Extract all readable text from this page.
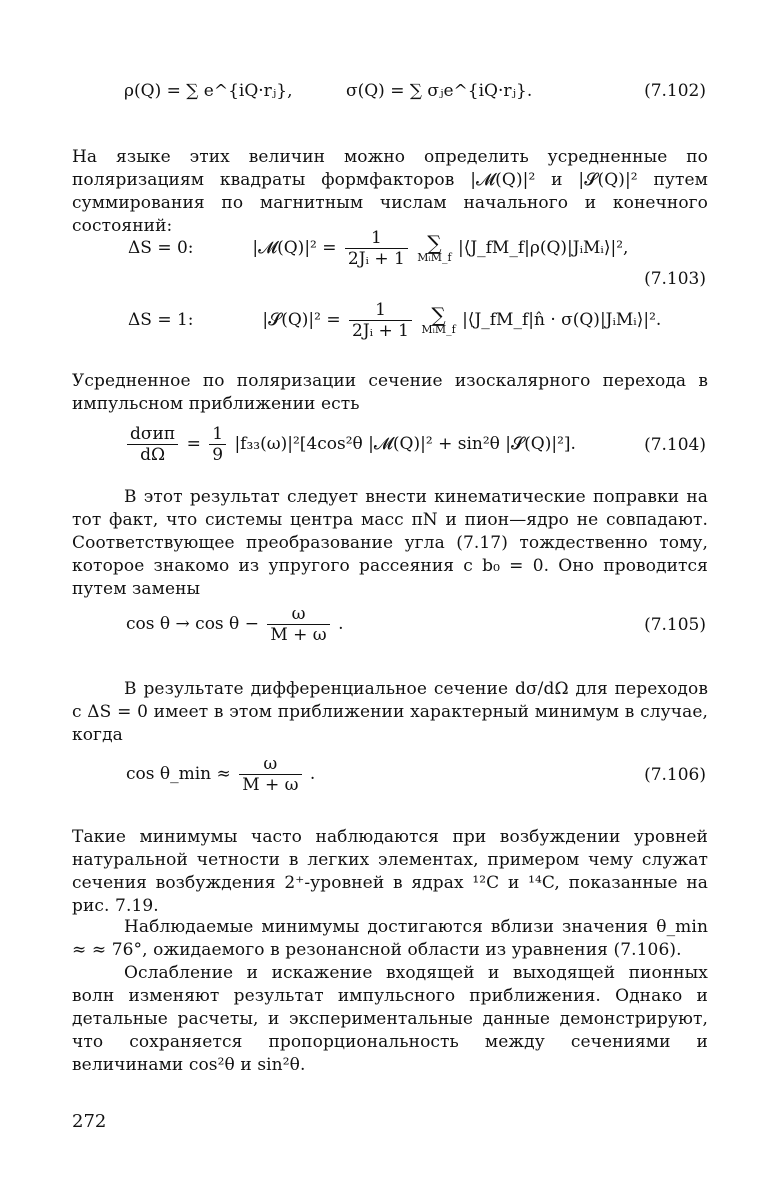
ρ(Q) = ∑ e^{iQ·rⱼ},	σ(Q) = ∑ σⱼe^{iQ·rⱼ}.	(7.102)
На языке этих величин можно определить усредненные по поляризациям квадраты формфакторов |𝓜(Q)|² и |𝓢(Q)|² путем суммирования по магнитным числам начального и конечного состояний:
ΔS = 0:	|𝓜(Q)|² = $\frac{1}{\text{2Jᵢ + 1}}$
∑
MᵢM_f |⟨J_fM_f|ρ(Q)|JᵢMᵢ⟩|²,
(7.103)
ΔS = 1:	|𝓢(Q)|² = $\frac{1}{\text{2Jᵢ + 1}}$
∑
MᵢM_f |⟨J_fM_f|n̂ · σ(Q)|JᵢMᵢ⟩|².
Усредненное по поляризации сечение изоскалярного перехода в импульсном приближении есть
$\frac{\text{dσип}}{d\Omega} = \frac{1}{9} |f_{33}(\omega)|^2[4\cos^2\theta$ |𝓜(Q)|² + sin²θ |𝓢(Q)|²].	(7.104)
В этот результат следует внести кинематические поправки на тот факт, что системы центра масс πN и пион—ядро не совпадают. Соответствующее преобразование угла (7.17) тождественно тому, которое знакомо из упругого рассеяния с b₀ = 0. Оно проводится путем замены
$\cos \theta \to \cos \theta - \frac{\omega}{M + \omega}$ .	(7.105)
В результате дифференциальное сечение dσ/dΩ для переходов с ΔS = 0 имеет в этом приближении характерный минимум в случае, когда
cos θ_min ≈ $\frac{\omega}{M + \omega}$ .	(7.106)
Такие минимумы часто наблюдаются при возбуждении уровней натуральной четности в легких элементах, примером чему служат сечения возбуждения 2⁺-уровней в ядрах ¹²C и ¹⁴C, показанные на рис. 7.19.
Наблюдаемые минимумы достигаются вблизи значения θ_min ≈ ≈ 76°, ожидаемого в резонансной области из уравнения (7.106).
Ослабление и искажение входящей и выходящей пионных волн изменяют результат импульсного приближения. Однако и детальные расчеты, и экспериментальные данные демонстрируют, что сохраняется пропорциональность между сечениями и величинами cos²θ и sin²θ.
272
